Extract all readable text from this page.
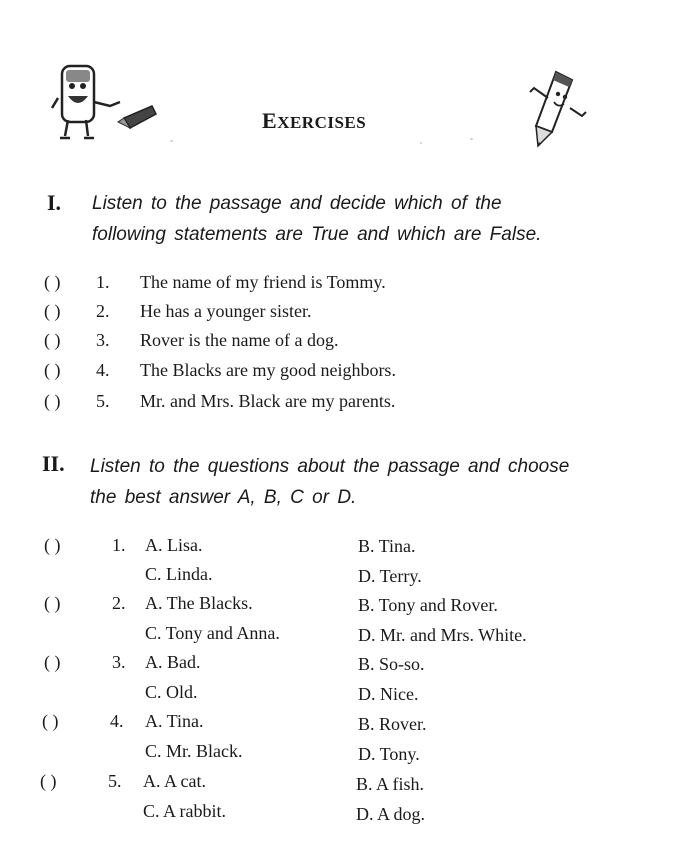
EXERCISES
I. Listen to the passage and decide which of the
following statements are True and which are False.
( ) 1. The name of my friend is Tommy.
( ) 2. He has a younger sister.
( ) 3. Rover is the name of a dog.
( ) 4. The Blacks are my good neighbors.
( ) 5. Mr. and Mrs. Black are my parents.
II. Listen to the questions about the passage and choose
the best answer A, B, C or D.
( )	1. A. Lisa.	B. Tina.
C. Linda.	D. Terry.
( )	2. A. The Blacks.	B. Tony and Rover.
C. Tony and Anna.	D. Mr. and Mrs. White.
( )	3. A. Bad.	B. So-so.
C. Old.	D. Nice.
( )	4. A. Tina.	B. Rover.
C. Mr. Black.	D. Tony.
( )	5. A. A cat.	B. A fish.
C. A rabbit.	D. A dog.
